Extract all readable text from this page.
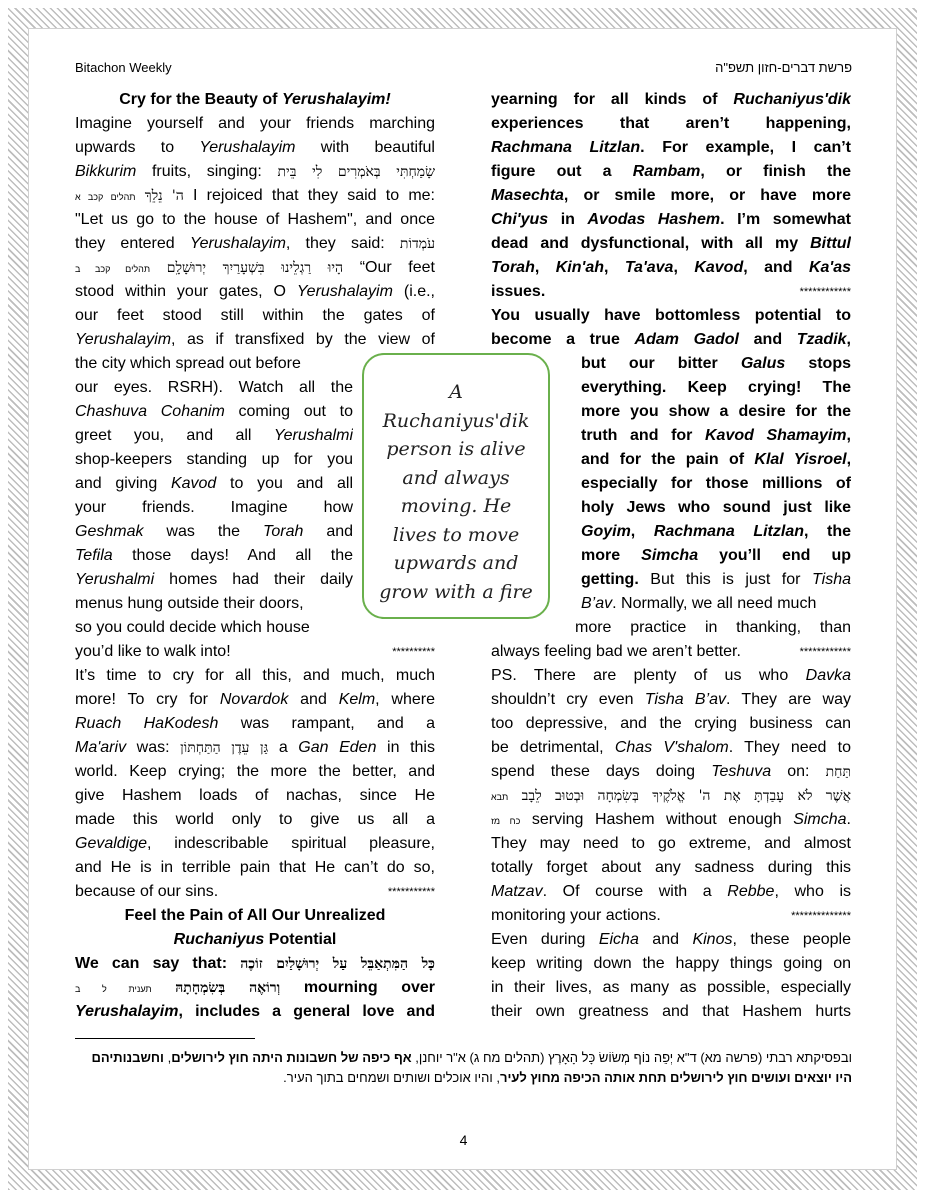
Bitachon Weekly	פרשת דברים-חזון תשפ"ה
Cry for the Beauty of Yerushalayim!
Imagine yourself and your friends marching
upwards to Yerushalayim with beautiful
Bikkurim fruits, singing: שָׂמַחְתִּי בְּאֹמְרִים לִי בֵּית
ה' נֵלֵךְ תהלים קכב א	I rejoiced that they said to me:
"Let us go to the house of Hashem", and once
they entered Yerushalayim, they said: עֹמְדוֹת
הָיוּ רַגְלֵינוּ בִּשְׁעָרַיִךְ יְרוּשָׁלִָם תהלים קכב ב	“Our feet
stood within your gates, O Yerushalayim (i.e.,
our feet stood still within the gates of
Yerushalayim, as if transfixed by the view of
the city which spread out before
our eyes. RSRH). Watch all the
Chashuva Cohanim coming out to
greet you, and all Yerushalmi
shop-keepers standing up for you
and giving Kavod to you and all
your friends. Imagine how
Geshmak was the Torah and
Tefila those days! And all the
Yerushalmi homes had their daily
menus hung outside their doors,
so you could decide which house
you’d like to walk into!	**********
It’s time to cry for all this, and much, much
more! To cry for Novardok and Kelm, where
Ruach HaKodesh was rampant, and a
Ma'ariv was: גַּן עֵדֶן הַתַּחְתּוֹן a Gan Eden in this
world. Keep crying; the more the better, and
give Hashem loads of nachas, since He
made this world only to give us all a
Gevaldige, indescribable spiritual pleasure,
and He is in terrible pain that He can’t do so,
because of our sins.	***********
Feel the Pain of All Our Unrealized
Ruchaniyus Potential
We can say that: כָּל הַמִּתְאַבֵּל עַל יְרוּשָׁלַיִם זוֹכֶה
וְרוֹאֶה בְּשִׂמְחָתָהּ תענית ל ב	mourning over
Yerushalayim, includes a general love and
yearning for all kinds of Ruchaniyus'dik
experiences that aren’t happening,
Rachmana Litzlan. For example, I can’t
figure out a Rambam, or finish the
Masechta, or smile more, or have more
Chi'yus in Avodas Hashem. I’m somewhat
dead and dysfunctional, with all my Bittul
Torah, Kin'ah, Ta'ava, Kavod, and Ka'as
issues.	************
You usually have bottomless potential to
become a true Adam Gadol and Tzadik,
but our bitter Galus stops
everything. Keep crying! The
more you show a desire for the
truth and for Kavod Shamayim,
and for the pain of Klal Yisroel,
especially for those millions of
holy Jews who sound just like
Goyim, Rachmana Litzlan, the
more Simcha you’ll end up
getting. But this is just for Tisha
B’av. Normally, we all need much
more practice in thanking, than
always feeling bad we aren’t better.	************
PS. There are plenty of us who Davka
shouldn’t cry even Tisha B’av. They are way
too depressive, and the crying business can
be detrimental, Chas V'shalom. They need to
spend these days doing Teshuva on: תַּחַת
אֲשֶׁר לֹא עָבַדְתָּ אֶת ה' אֱלֹקֶיךָ בְּשִׂמְחָה וּבְטוּב לֵבָב תבא
כח מז serving Hashem without enough Simcha.
They may need to go extreme, and almost
totally forget about any sadness during this
Matzav. Of course with a Rebbe, who is
monitoring your actions.	**************
Even during Eicha and Kinos, these people
keep writing down the happy things going on
in their lives, as many as possible, especially
their own greatness and that Hashem hurts
A
Ruchaniyus'dik
person is alive
and always
moving. He
lives to move
upwards and
grow with a fire
ובפסיקתא רבתי (פרשה מא) ד"א יְפֵה נוֹף מְשׂוֹשׂ כָּל הָאָרֶץ (תהלים מח ג) א"ר יוחנן, אף כיפה של חשבונות היתה חוץ לירושלים, וחשבנותיהם היו יוצאים ועושים חוץ לירושלים תחת אותה הכיפה מחוץ לעיר, והיו אוכלים ושותים ושמחים בתוך העיר.
4
